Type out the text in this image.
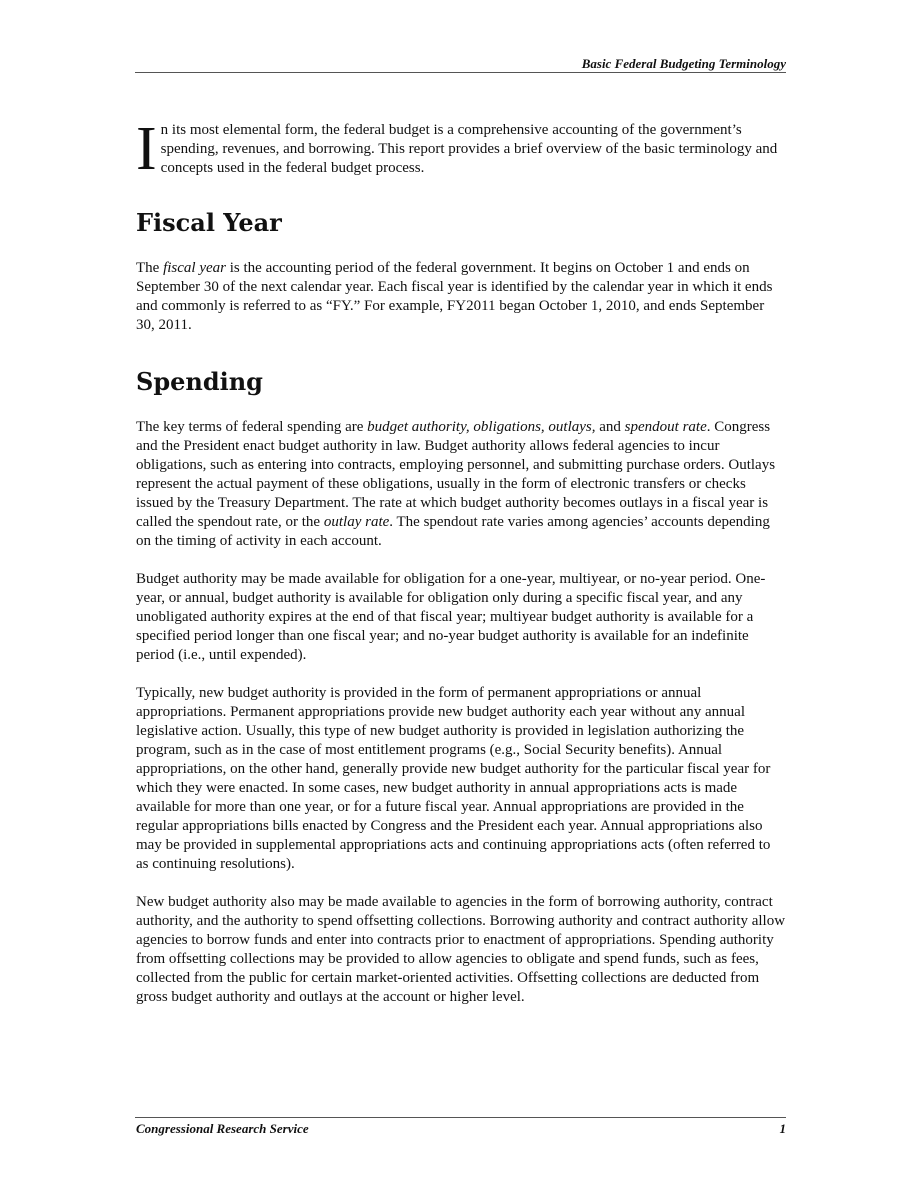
Basic Federal Budgeting Terminology

In its most elemental form, the federal budget is a comprehensive accounting of the government’s spending, revenues, and borrowing. This report provides a brief overview of the basic terminology and concepts used in the federal budget process.

Fiscal Year

The fiscal year is the accounting period of the federal government. It begins on October 1 and ends on September 30 of the next calendar year. Each fiscal year is identified by the calendar year in which it ends and commonly is referred to as “FY.” For example, FY2011 began October 1, 2010, and ends September 30, 2011.

Spending

The key terms of federal spending are budget authority, obligations, outlays, and spendout rate. Congress and the President enact budget authority in law. Budget authority allows federal agencies to incur obligations, such as entering into contracts, employing personnel, and submitting purchase orders. Outlays represent the actual payment of these obligations, usually in the form of electronic transfers or checks issued by the Treasury Department. The rate at which budget authority becomes outlays in a fiscal year is called the spendout rate, or the outlay rate. The spendout rate varies among agencies’ accounts depending on the timing of activity in each account.

Budget authority may be made available for obligation for a one-year, multiyear, or no-year period. One-year, or annual, budget authority is available for obligation only during a specific fiscal year, and any unobligated authority expires at the end of that fiscal year; multiyear budget authority is available for a specified period longer than one fiscal year; and no-year budget authority is available for an indefinite period (i.e., until expended).

Typically, new budget authority is provided in the form of permanent appropriations or annual appropriations. Permanent appropriations provide new budget authority each year without any annual legislative action. Usually, this type of new budget authority is provided in legislation authorizing the program, such as in the case of most entitlement programs (e.g., Social Security benefits). Annual appropriations, on the other hand, generally provide new budget authority for the particular fiscal year for which they were enacted. In some cases, new budget authority in annual appropriations acts is made available for more than one year, or for a future fiscal year. Annual appropriations are provided in the regular appropriations bills enacted by Congress and the President each year. Annual appropriations also may be provided in supplemental appropriations acts and continuing appropriations acts (often referred to as continuing resolutions).

New budget authority also may be made available to agencies in the form of borrowing authority, contract authority, and the authority to spend offsetting collections. Borrowing authority and contract authority allow agencies to borrow funds and enter into contracts prior to enactment of appropriations. Spending authority from offsetting collections may be provided to allow agencies to obligate and spend funds, such as fees, collected from the public for certain market-oriented activities. Offsetting collections are deducted from gross budget authority and outlays at the account or higher level.

Congressional Research Service	1
